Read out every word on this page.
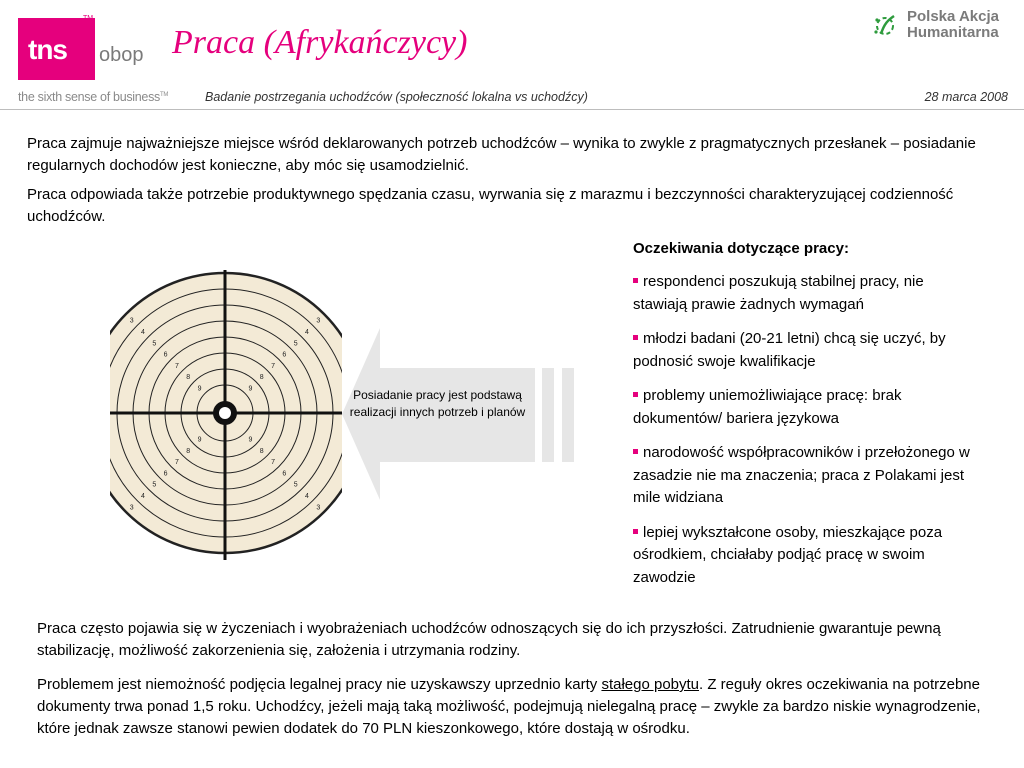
tns
TM
obop
the sixth sense of business™
Praca (Afrykańczycy)
Polska Akcja
Humanitarna
Badanie postrzegania uchodźców (społeczność lokalna vs uchodźcy)	28 marca 2008
Praca zajmuje najważniejsze miejsce wśród deklarowanych potrzeb uchodźców – wynika to zwykle z pragmatycznych przesłanek – posiadanie regularnych dochodów jest konieczne, aby móc się usamodzielnić.
Praca odpowiada także potrzebie produktywnego spędzania czasu, wyrwania się z marazmu i bezczynności charakteryzującej codzienność uchodźców.
3	3
3	3
4	4
4	4
5	5
5	5
6	6
6	6
7	7
7	7
8	8
8	8
9	9
9	9
Posiadanie pracy jest podstawą realizacji innych potrzeb i planów
Oczekiwania dotyczące pracy:
respondenci poszukują stabilnej pracy, nie stawiają prawie żadnych wymagań
młodzi badani (20-21 letni) chcą się uczyć, by podnosić swoje kwalifikacje
problemy uniemożliwiające pracę: brak dokumentów/ bariera językowa
narodowość współpracowników i przełożonego w zasadzie nie ma znaczenia; praca z Polakami jest mile widziana
lepiej wykształcone osoby, mieszkające poza ośrodkiem, chciałaby podjąć pracę w swoim zawodzie
Praca często pojawia się w życzeniach i wyobrażeniach uchodźców odnoszących się do ich przyszłości. Zatrudnienie gwarantuje pewną stabilizację, możliwość zakorzenienia się, założenia i utrzymania rodziny.
Problemem jest niemożność podjęcia legalnej pracy nie uzyskawszy uprzednio karty stałego pobytu. Z reguły okres oczekiwania na potrzebne dokumenty trwa ponad 1,5 roku. Uchodźcy, jeżeli mają taką możliwość, podejmują nielegalną pracę – zwykle za bardzo niskie wynagrodzenie, które jednak zawsze stanowi pewien dodatek do 70 PLN kieszonkowego, które dostają w ośrodku.
